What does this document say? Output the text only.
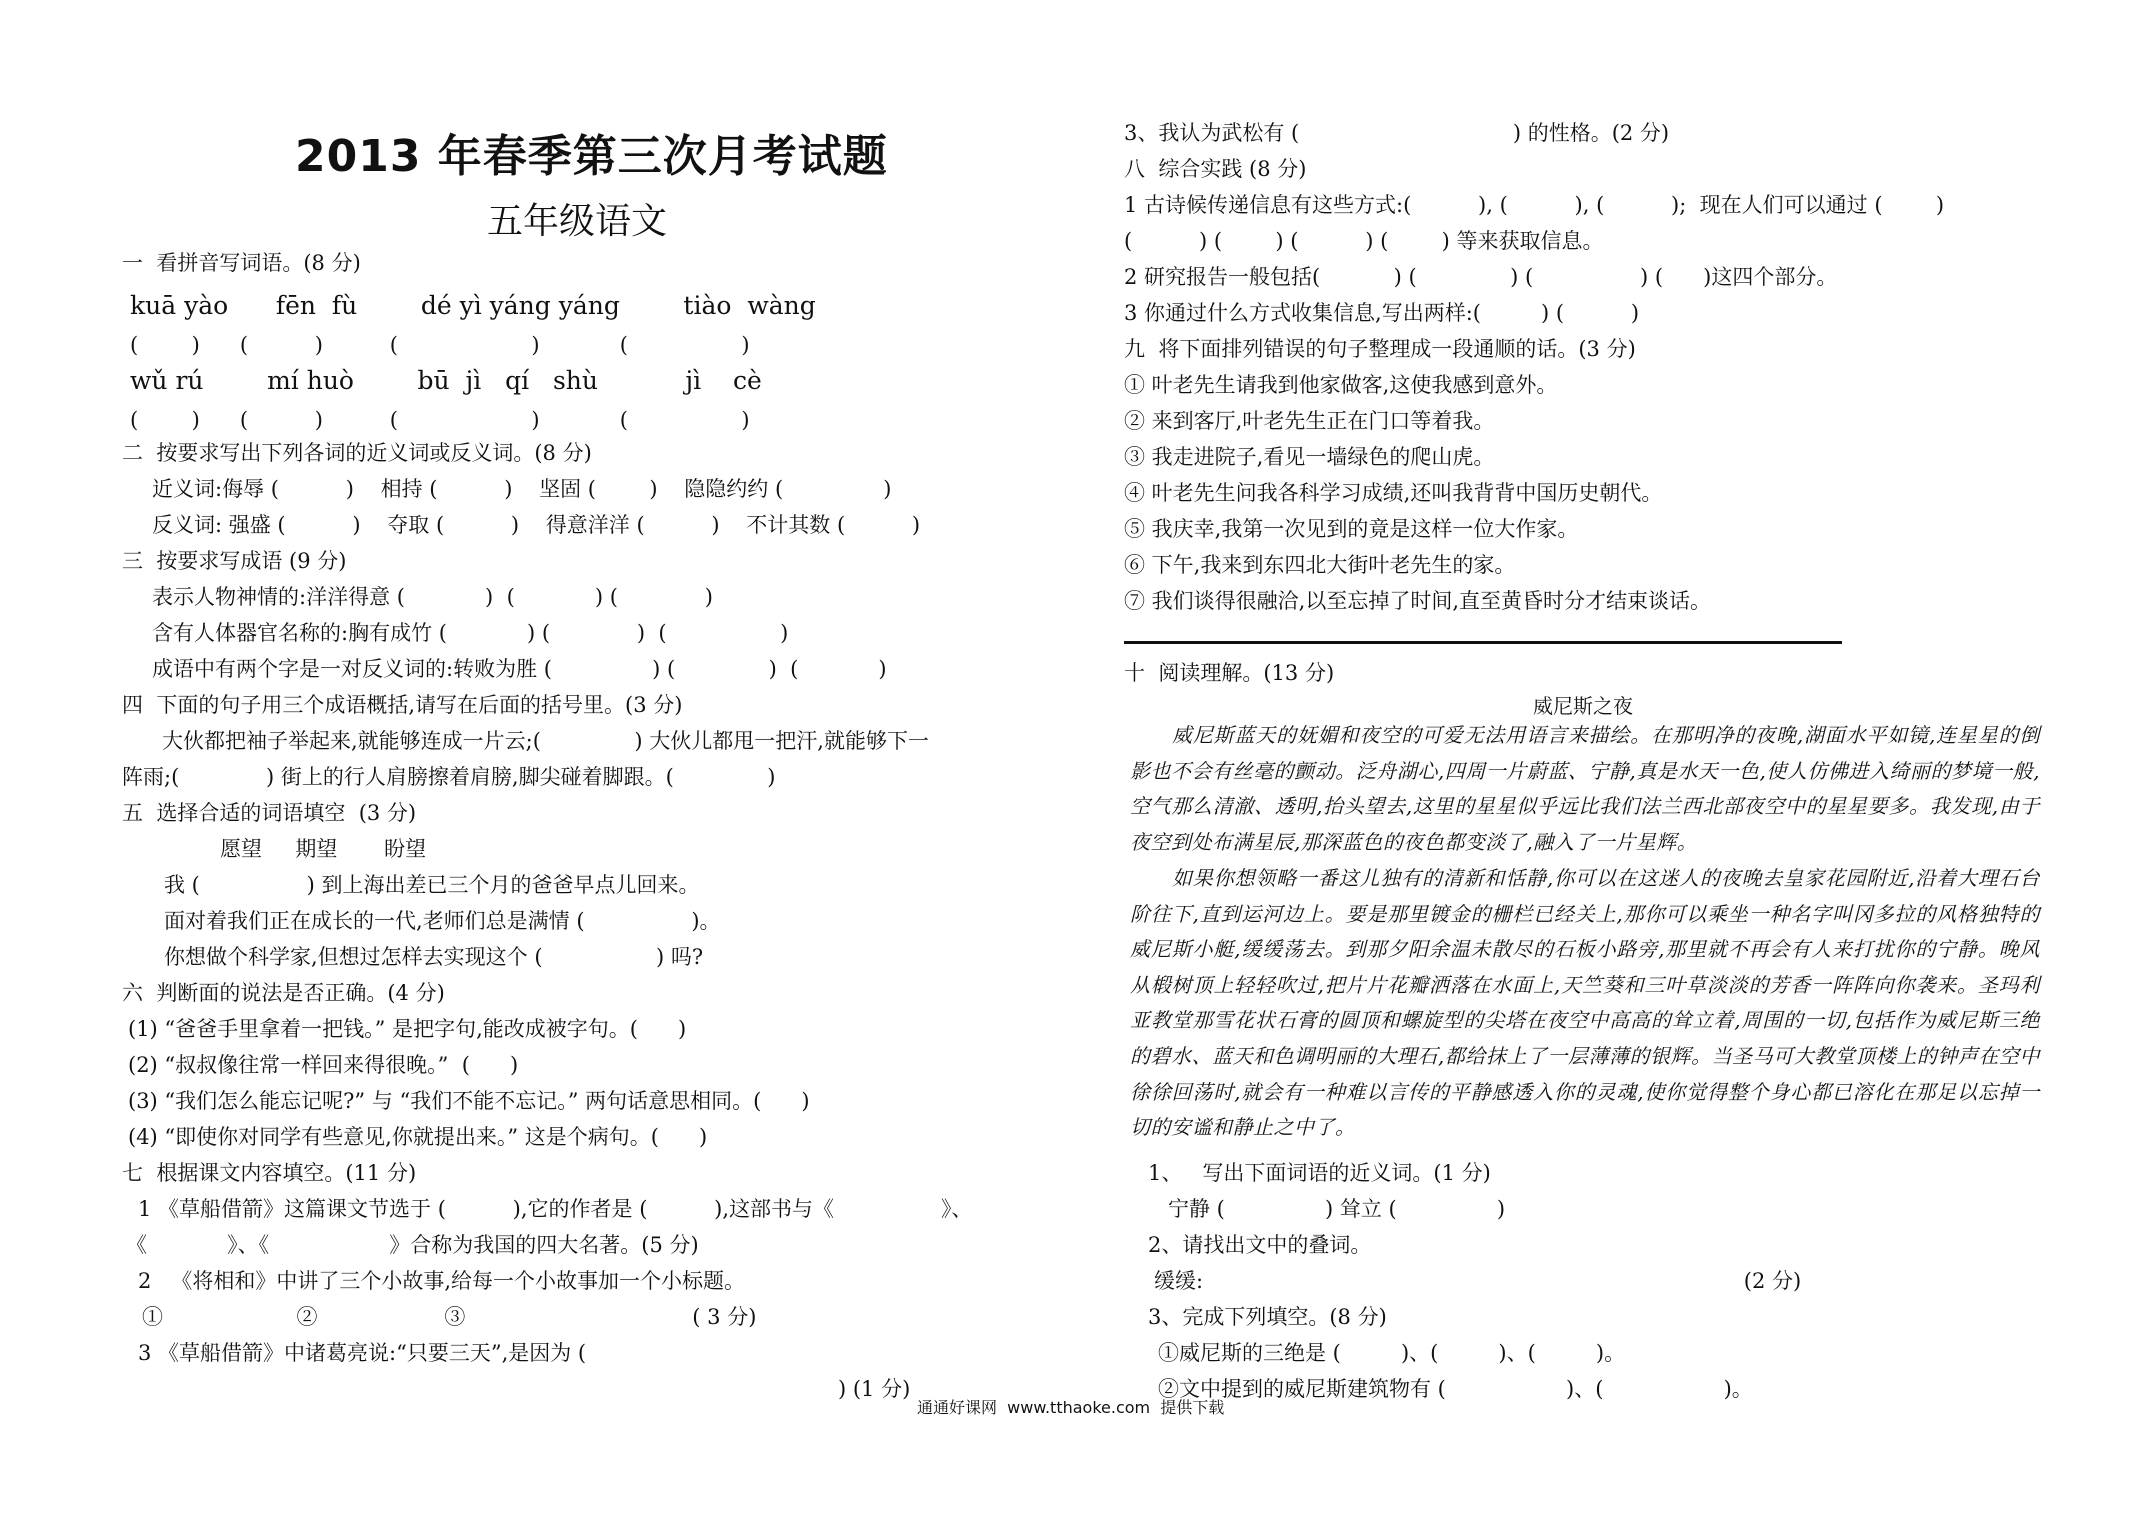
2013 年春季第三次月考试题
五年级语文
一  看拼音写词语。(8 分)
kuā yào      fēn  fù        dé yì yáng yáng        tiào  wàng
(        )      (          )          (                    )            (                 )
wǔ rú        mí huò        bū  jì   qí   shù           jì    cè
(        )      (          )          (                    )            (                 )
二  按要求写出下列各词的近义词或反义词。(8 分)
近义词:侮辱 (          )    相持 (          )    坚固 (        )    隐隐约约 (               )
反义词: 强盛 (          )    夺取 (          )    得意洋洋 (          )    不计其数 (          )
三  按要求写成语 (9 分)
表示人物神情的:洋洋得意 (            )  (            ) (             )
含有人体器官名称的:胸有成竹 (            ) (             )  (                 )
成语中有两个字是一对反义词的:转败为胜 (               ) (              )  (            )
四  下面的句子用三个成语概括,请写在后面的括号里。(3 分)
大伙都把袖子举起来,就能够连成一片云;(              ) 大伙儿都甩一把汗,就能够下一
阵雨;(             ) 街上的行人肩膀擦着肩膀,脚尖碰着脚跟。(              )
五  选择合适的词语填空  (3 分)
愿望     期望       盼望
我 (                ) 到上海出差已三个月的爸爸早点儿回来。
面对着我们正在成长的一代,老师们总是满情 (                )。
你想做个科学家,但想过怎样去实现这个 (                 ) 吗?
六  判断面的说法是否正确。(4 分)
(1) “爸爸手里拿着一把钱。” 是把字句,能改成被字句。(      )
(2) “叔叔像往常一样回来得很晚。”  (      )
(3) “我们怎么能忘记呢?” 与 “我们不能不忘记。” 两句话意思相同。(      )
(4) “即使你对同学有些意见,你就提出来。” 这是个病句。(      )
七  根据课文内容填空。(11 分)
1 《草船借箭》这篇课文节选于 (          ),它的作者是 (          ),这部书与《                》、
《            》、《                  》合称为我国的四大名著。(5 分)
2   《将相和》中讲了三个小故事,给每一个小故事加一个小标题。
①                    ②                   ③                                  ( 3 分)
3 《草船借箭》中诸葛亮说:“只要三天”,是因为 (
) (1 分)
3、我认为武松有 (                                ) 的性格。(2 分)
八  综合实践 (8 分)
1 古诗候传递信息有这些方式:(          ), (          ), (          );  现在人们可以通过 (        )
(          ) (        ) (          ) (        ) 等来获取信息。
2 研究报告一般包括(           ) (              ) (                ) (      )这四个部分。
3 你通过什么方式收集信息,写出两样:(         ) (          )
九  将下面排列错误的句子整理成一段通顺的话。(3 分)
① 叶老先生请我到他家做客,这使我感到意外。
② 来到客厅,叶老先生正在门口等着我。
③ 我走进院子,看见一墙绿色的爬山虎。
④ 叶老先生问我各科学习成绩,还叫我背背中国历史朝代。
⑤ 我庆幸,我第一次见到的竟是这样一位大作家。
⑥ 下午,我来到东四北大街叶老先生的家。
⑦ 我们谈得很融洽,以至忘掉了时间,直至黄昏时分才结束谈话。
十  阅读理解。(13 分)
威尼斯之夜
威尼斯蓝天的妩媚和夜空的可爱无法用语言来描绘。在那明净的夜晚,湖面水平如镜,连星星的倒影也不会有丝毫的颤动。泛舟湖心,四周一片蔚蓝、宁静,真是水天一色,使人仿佛进入绮丽的梦境一般,空气那么清澈、透明,抬头望去,这里的星星似乎远比我们法兰西北部夜空中的星星要多。我发现,由于夜空到处布满星辰,那深蓝色的夜色都变淡了,融入了一片星辉。
如果你想领略一番这儿独有的清新和恬静,你可以在这迷人的夜晚去皇家花园附近,沿着大理石台阶往下,直到运河边上。要是那里镀金的栅栏已经关上,那你可以乘坐一种名字叫冈多拉的风格独特的威尼斯小艇,缓缓荡去。到那夕阳余温未散尽的石板小路旁,那里就不再会有人来打扰你的宁静。晚风从椴树顶上轻轻吹过,把片片花瓣洒落在水面上,天竺葵和三叶草淡淡的芳香一阵阵向你袭来。圣玛利亚教堂那雪花状石膏的圆顶和螺旋型的尖塔在夜空中高高的耸立着,周围的一切,包括作为威尼斯三绝的碧水、蓝天和色调明丽的大理石,都给抹上了一层薄薄的银辉。当圣马可大教堂顶楼上的钟声在空中徐徐回荡时,就会有一种难以言传的平静感透入你的灵魂,使你觉得整个身心都已溶化在那足以忘掉一切的安谧和静止之中了。
1、   写出下面词语的近义词。(1 分)
宁静 (               ) 耸立 (               )
2、请找出文中的叠词。
缓缓:                                                                                 (2 分)
3、完成下列填空。(8 分)
①威尼斯的三绝是 (         )、(         )、(         )。
②文中提到的威尼斯建筑物有 (                  )、(                  )。
通通好课网  www.tthaoke.com  提供下载
